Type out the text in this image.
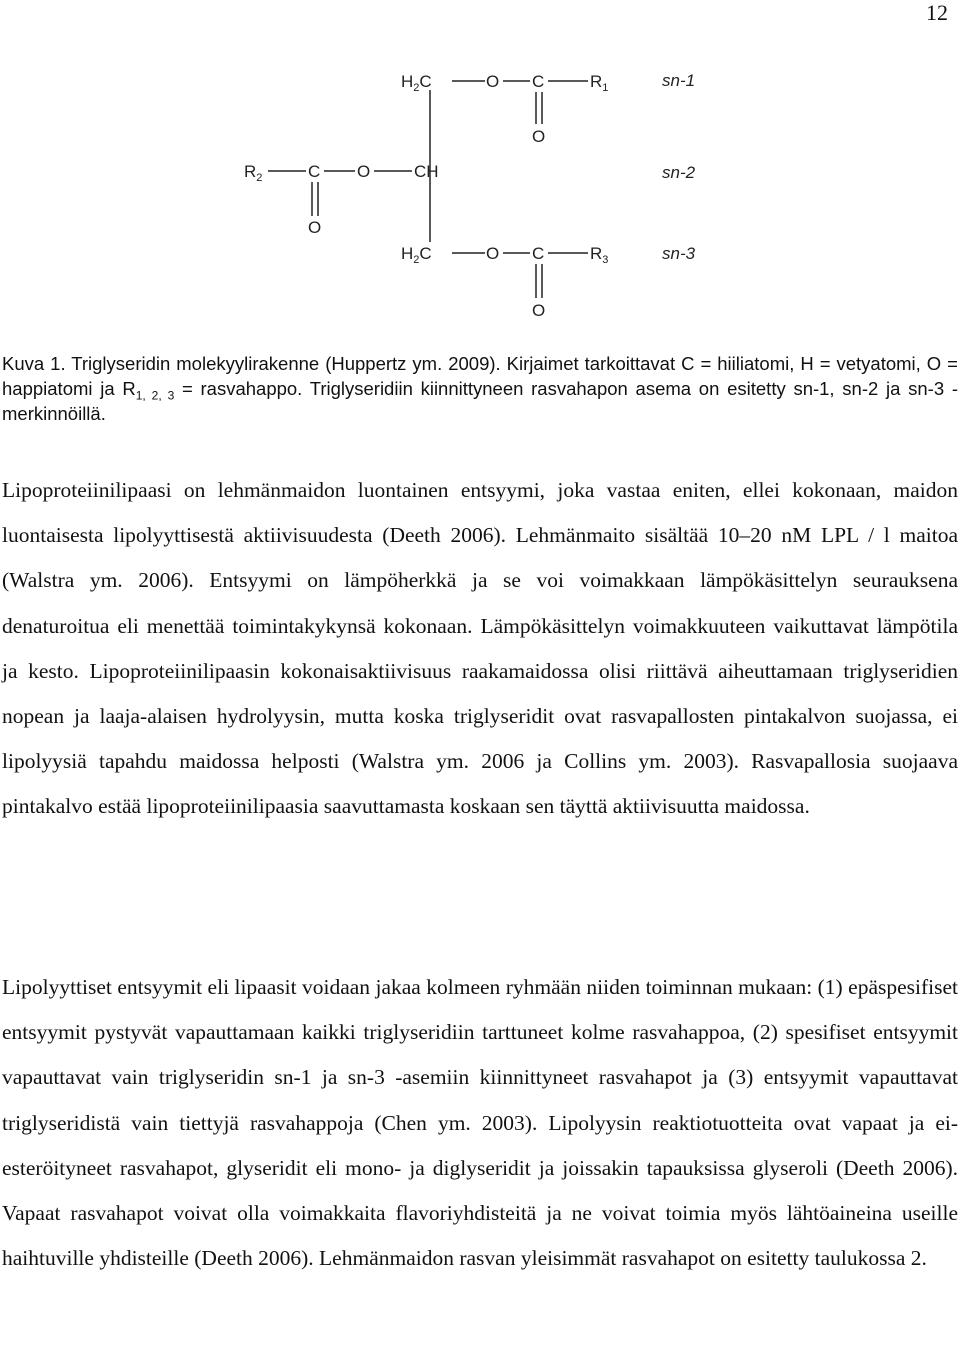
12
$H_2C$	O C	$R_1$
O
$R_2$	C O	CH
O
$H_2C$	O C	$R_3$
O
sn-1
sn-2
sn-3
Kuva 1. Triglyseridin molekyylirakenne (Huppertz ym. 2009). Kirjaimet tarkoittavat C = hiiliatomi, H = vetyatomi, O = happiatomi ja $R_{1, 2, 3}$ = rasvahappo. Triglyseridiin kiinnittyneen rasvahapon asema on esitetty sn-1, sn-2 ja sn-3 -merkinnöillä.

Lipoproteiinilipaasi on lehmänmaidon luontainen entsyymi, joka vastaa eniten, ellei kokonaan, maidon luontaisesta lipolyyttisestä aktiivisuudesta (Deeth 2006). Lehmänmaito sisältää 10–20 nM LPL / l maitoa (Walstra ym. 2006). Entsyymi on lämpöherkkä ja se voi voimakkaan lämpökäsittelyn seurauksena denaturoitua eli menettää toimintakykynsä kokonaan. Lämpökäsittelyn voimakkuuteen vaikuttavat lämpötila ja kesto. Lipoproteiinilipaasin kokonaisaktiivisuus raakamaidossa olisi riittävä aiheuttamaan triglyseridien nopean ja laaja-alaisen hydrolyysin, mutta koska triglyseridit ovat rasvapallosten pintakalvon suojassa, ei lipolyysiä tapahdu maidossa helposti (Walstra ym. 2006 ja Collins ym. 2003). Rasvapallosia suojaava pintakalvo estää lipoproteiinilipaasia saavuttamasta koskaan sen täyttä aktiivisuutta maidossa.

Lipolyyttiset entsyymit eli lipaasit voidaan jakaa kolmeen ryhmään niiden toiminnan mukaan: (1) epäspesifiset entsyymit pystyvät vapauttamaan kaikki triglyseridiin tarttuneet kolme rasvahappoa, (2) spesifiset entsyymit vapauttavat vain triglyseridin sn-1 ja sn-3 -asemiin kiinnittyneet rasvahapot ja (3) entsyymit vapauttavat triglyseridistä vain tiettyjä rasvahappoja (Chen ym. 2003). Lipolyysin reaktiotuotteita ovat vapaat ja ei-esteröityneet rasvahapot, glyseridit eli mono- ja diglyseridit ja joissakin tapauksissa glyseroli (Deeth 2006). Vapaat rasvahapot voivat olla voimakkaita flavoriyhdisteitä ja ne voivat toimia myös lähtöaineina useille haihtuville yhdisteille (Deeth 2006). Lehmänmaidon rasvan yleisimmät rasvahapot on esitetty taulukossa 2.
